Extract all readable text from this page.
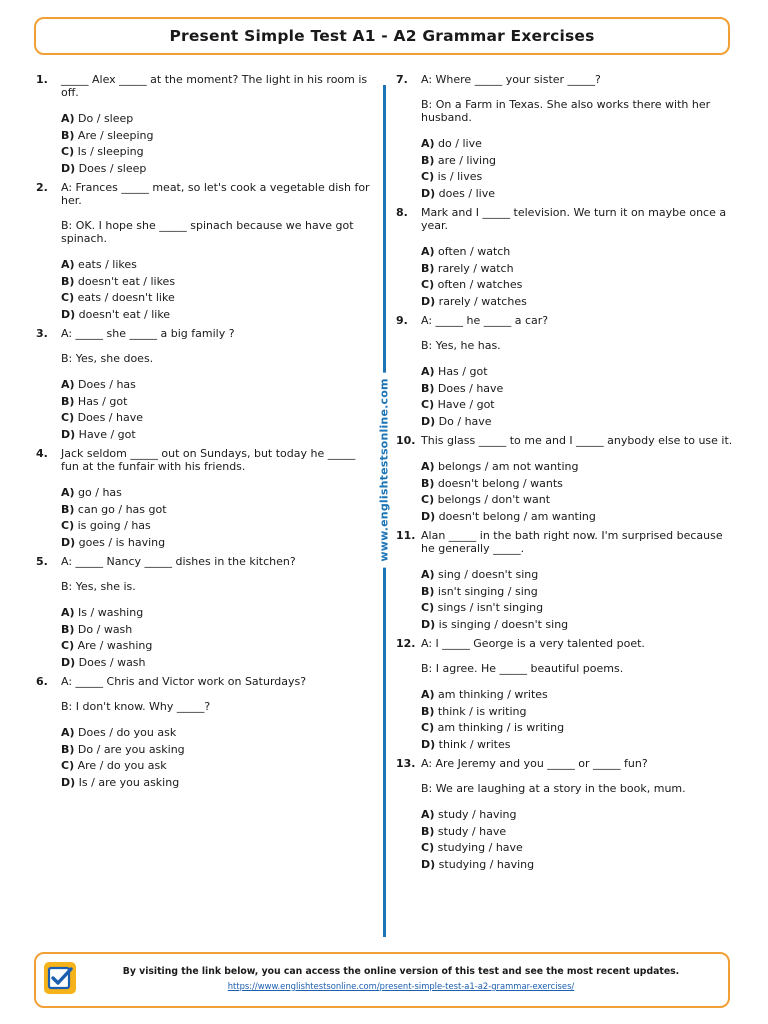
Present Simple Test A1 - A2 Grammar Exercises
1.	_____ Alex _____ at the moment? The light in his room is off.
A) Do / sleep
B) Are / sleeping
C) Is / sleeping
D) Does / sleep
2.	A: Frances _____ meat, so let's cook a vegetable dish for her.
B: OK. I hope she _____ spinach because we have got spinach.
A) eats / likes
B) doesn't eat / likes
C) eats / doesn't like
D) doesn't eat / like
3.	A: _____ she _____ a big family ?
B: Yes, she does.
A) Does / has
B) Has / got
C) Does / have
D) Have / got
4.	Jack seldom _____ out on Sundays, but today he _____ fun at the funfair with his friends.
A) go / has
B) can go / has got
C) is going / has
D) goes / is having
5.	A: _____ Nancy _____ dishes in the kitchen?
B: Yes, she is.
A) Is / washing
B) Do / wash
C) Are / washing
D) Does / wash
6.	A: _____ Chris and Victor work on Saturdays?
B: I don't know. Why _____?
A) Does / do you ask
B) Do / are you asking
C) Are / do you ask
D) Is / are you asking
www.englishtestsonline.com
7.	A: Where _____ your sister _____?
B: On a Farm in Texas. She also works there with her husband.
A) do / live
B) are / living
C) is / lives
D) does / live
8.	Mark and I _____ television. We turn it on maybe once a year.
A) often / watch
B) rarely / watch
C) often / watches
D) rarely / watches
9.	A: _____ he _____ a car?
B: Yes, he has.
A) Has / got
B) Does / have
C) Have / got
D) Do / have
10. This glass _____ to me and I _____ anybody else to use it.
A) belongs / am not wanting
B) doesn't belong / wants
C) belongs / don't want
D) doesn't belong / am wanting
11. Alan _____ in the bath right now. I'm surprised because he generally _____.
A) sing / doesn't sing
B) isn't singing / sing
C) sings / isn't singing
D) is singing / doesn't sing
12. A: I _____ George is a very talented poet.
B: I agree. He _____ beautiful poems.
A) am thinking / writes
B) think / is writing
C) am thinking / is writing
D) think / writes
13. A: Are Jeremy and you _____ or _____ fun?
B: We are laughing at a story in the book, mum.
A) study / having
B) study / have
C) studying / have
D) studying / having
By visiting the link below, you can access the online version of this test and see the most recent updates.
https://www.englishtestsonline.com/present-simple-test-a1-a2-grammar-exercises/
